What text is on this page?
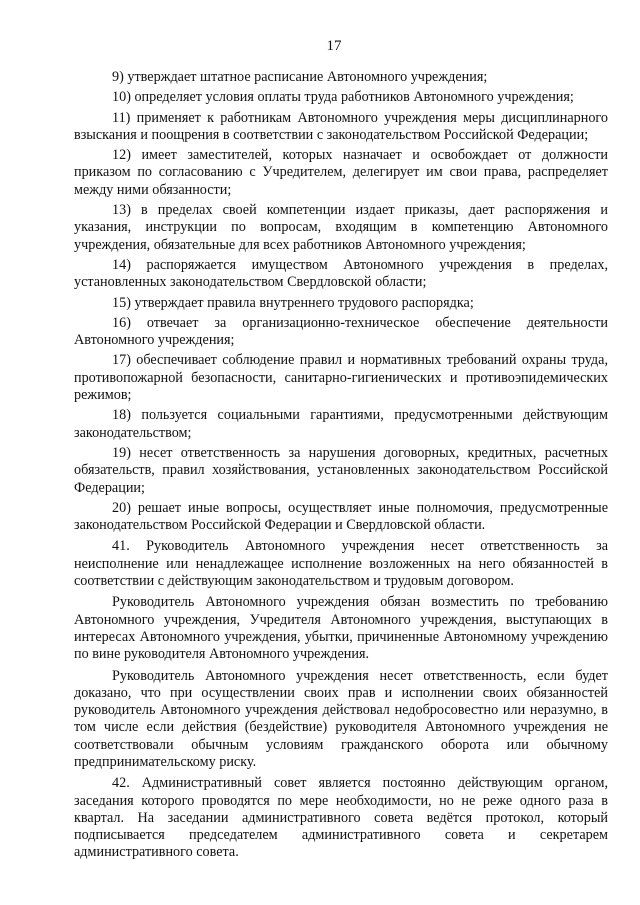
17

9) утверждает штатное расписание Автономного учреждения;

10) определяет условия оплаты труда работников Автономного учреждения;

11) применяет к работникам Автономного учреждения меры дисциплинарного взыскания и поощрения в соответствии с законодательством Российской Федерации;

12) имеет заместителей, которых назначает и освобождает от должности приказом по согласованию с Учредителем, делегирует им свои права, распределяет между ними обязанности;

13) в пределах своей компетенции издает приказы, дает распоряжения и указания, инструкции по вопросам, входящим в компетенцию Автономного учреждения, обязательные для всех работников Автономного учреждения;

14) распоряжается имуществом Автономного учреждения в пределах, установленных законодательством Свердловской области;

15) утверждает правила внутреннего трудового распорядка;

16) отвечает за организационно-техническое обеспечение деятельности Автономного учреждения;

17) обеспечивает соблюдение правил и нормативных требований охраны труда, противопожарной безопасности, санитарно-гигиенических и противоэпидемических режимов;

18) пользуется социальными гарантиями, предусмотренными действующим законодательством;

19) несет ответственность за нарушения договорных, кредитных, расчетных обязательств, правил хозяйствования, установленных законодательством Российской Федерации;

20) решает иные вопросы, осуществляет иные полномочия, предусмотренные законодательством Российской Федерации и Свердловской области.

41. Руководитель Автономного учреждения несет ответственность за неисполнение или ненадлежащее исполнение возложенных на него обязанностей в соответствии с действующим законодательством и трудовым договором.

Руководитель Автономного учреждения обязан возместить по требованию Автономного учреждения, Учредителя Автономного учреждения, выступающих в интересах Автономного учреждения, убытки, причиненные Автономному учреждению по вине руководителя Автономного учреждения.

Руководитель Автономного учреждения несет ответственность, если будет доказано, что при осуществлении своих прав и исполнении своих обязанностей руководитель Автономного учреждения действовал недобросовестно или неразумно, в том числе если действия (бездействие) руководителя Автономного учреждения не соответствовали обычным условиям гражданского оборота или обычному предпринимательскому риску.

42. Административный совет является постоянно действующим органом, заседания которого проводятся по мере необходимости, но не реже одного раза в квартал. На заседании административного совета ведётся протокол, который подписывается председателем административного совета и секретарем административного совета.
